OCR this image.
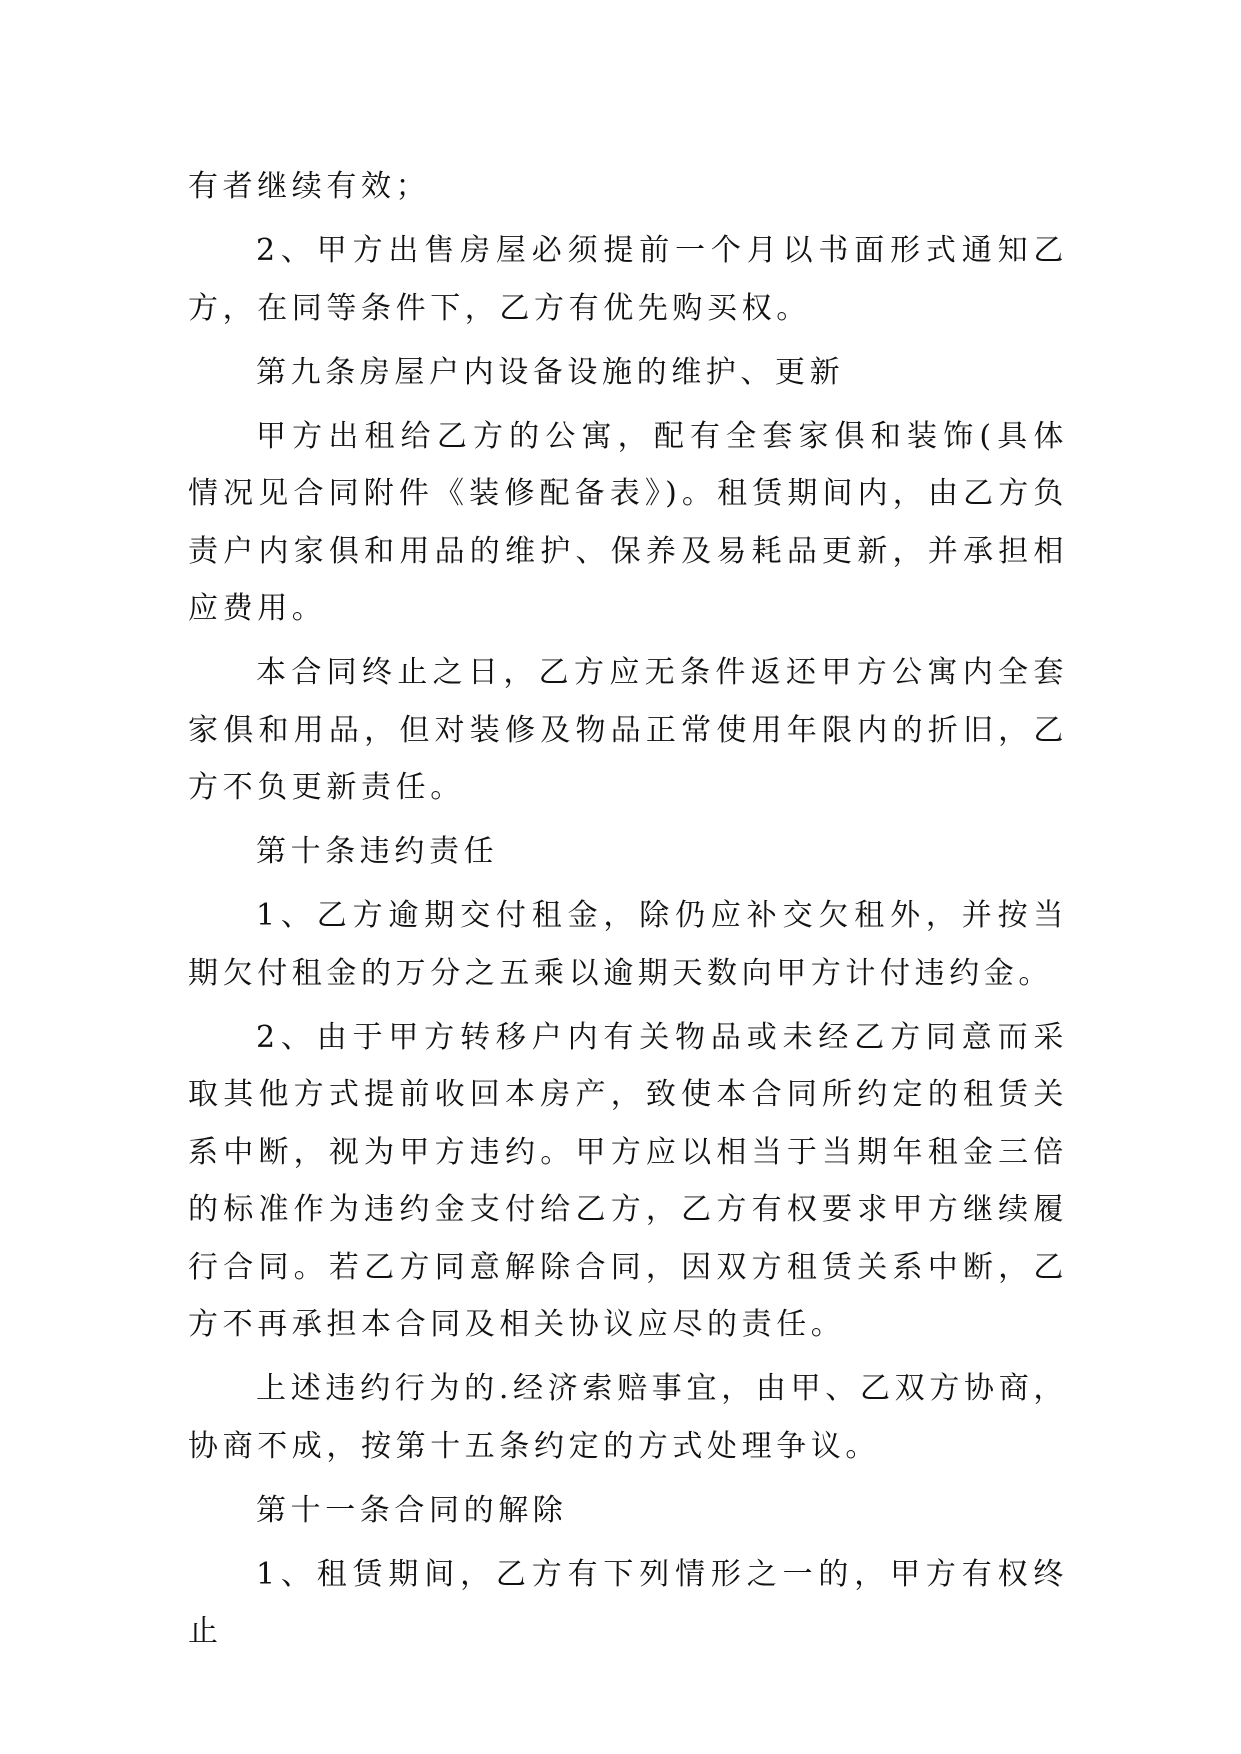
有者继续有效；

2、甲方出售房屋必须提前一个月以书面形式通知乙方，在同等条件下，乙方有优先购买权。

第九条房屋户内设备设施的维护、更新

甲方出租给乙方的公寓，配有全套家俱和装饰(具体情况见合同附件《装修配备表》)。租赁期间内，由乙方负责户内家俱和用品的维护、保养及易耗品更新，并承担相应费用。

本合同终止之日，乙方应无条件返还甲方公寓内全套家俱和用品，但对装修及物品正常使用年限内的折旧，乙方不负更新责任。

第十条违约责任

1、乙方逾期交付租金，除仍应补交欠租外，并按当期欠付租金的万分之五乘以逾期天数向甲方计付违约金。

2、由于甲方转移户内有关物品或未经乙方同意而采取其他方式提前收回本房产，致使本合同所约定的租赁关系中断，视为甲方违约。甲方应以相当于当期年租金三倍的标准作为违约金支付给乙方，乙方有权要求甲方继续履行合同。若乙方同意解除合同，因双方租赁关系中断，乙方不再承担本合同及相关协议应尽的责任。

上述违约行为的.经济索赔事宜，由甲、乙双方协商，协商不成，按第十五条约定的方式处理争议。

第十一条合同的解除

1、租赁期间，乙方有下列情形之一的，甲方有权终止
